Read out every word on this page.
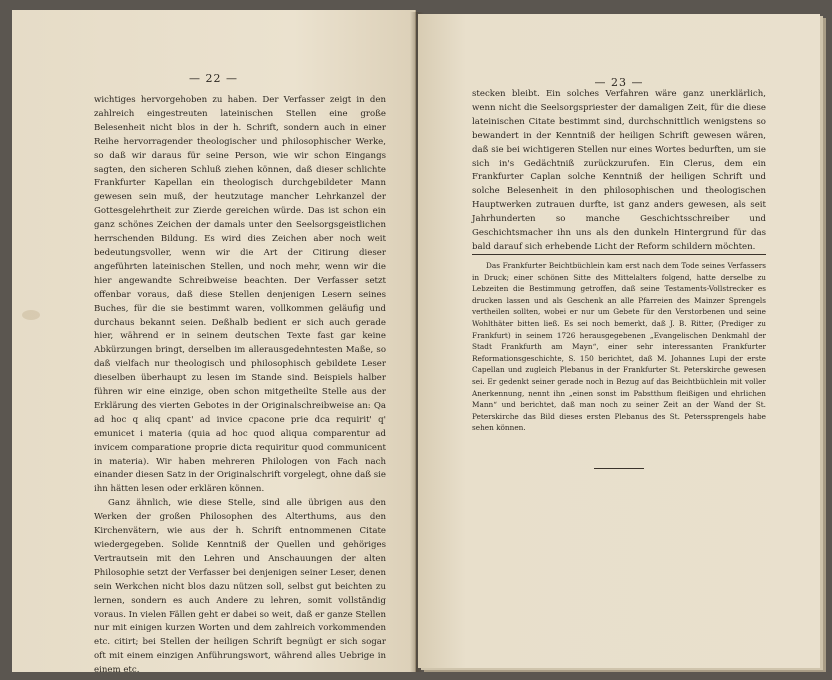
— 22 —

wichtiges hervorgehoben zu haben. Der Verfasser zeigt in den zahlreich eingestreuten lateinischen Stellen eine große Belesenheit nicht blos in der h. Schrift, sondern auch in einer Reihe hervorragender theologischer und philosophischer Werke, so daß wir daraus für seine Person, wie wir schon Eingangs sagten, den sicheren Schluß ziehen können, daß dieser schlichte Frankfurter Kapellan ein theologisch durchgebildeter Mann gewesen sein muß, der heutzutage mancher Lehrkanzel der Gottesgelehrtheit zur Zierde gereichen würde. Das ist schon ein ganz schönes Zeichen der damals unter den Seelsorgsgeistlichen herrschenden Bildung. Es wird dies Zeichen aber noch weit bedeutungsvoller, wenn wir die Art der Citirung dieser angeführten lateinischen Stellen, und noch mehr, wenn wir die hier angewandte Schreibweise beachten. Der Verfasser setzt offenbar voraus, daß diese Stellen denjenigen Lesern seines Buches, für die sie bestimmt waren, vollkommen geläufig und durchaus bekannt seien. Deßhalb bedient er sich auch gerade hier, während er in seinem deutschen Texte fast gar keine Abkürzungen bringt, derselben im allerausgedehntesten Maße, so daß vielfach nur theologisch und philosophisch gebildete Leser dieselben überhaupt zu lesen im Stande sind. Beispiels halber führen wir eine einzige, oben schon mitgetheilte Stelle aus der Erklärung des vierten Gebotes in der Originalschreibweise an: Qa ad hoc q aliq cpant' ad invice cpacone prie dca requirit' q' emunicet i materia (quia ad hoc quod aliqua comparentur ad invicem comparatione proprie dicta requiritur quod communicent in materia). Wir haben mehreren Philologen von Fach nach einander diesen Satz in der Originalschrift vorgelegt, ohne daß sie ihn hätten lesen oder erklären können.

Ganz ähnlich, wie diese Stelle, sind alle übrigen aus den Werken der großen Philosophen des Alterthums, aus den Kirchenvätern, wie aus der h. Schrift entnommenen Citate wiedergegeben. Solide Kenntniß der Quellen und gehöriges Vertrautsein mit den Lehren und Anschauungen der alten Philosophie setzt der Verfasser bei denjenigen seiner Leser, denen sein Werkchen nicht blos dazu nützen soll, selbst gut beichten zu lernen, sondern es auch Andere zu lehren, somit vollständig voraus. In vielen Fällen geht er dabei so weit, daß er ganze Stellen nur mit einigen kurzen Worten und dem zahlreich vorkommenden etc. citirt; bei Stellen der heiligen Schrift begnügt er sich sogar oft mit einem einzigen Anführungswort, während alles Uebrige in einem etc.

— 23 —

stecken bleibt. Ein solches Verfahren wäre ganz unerklärlich, wenn nicht die Seelsorgspriester der damaligen Zeit, für die diese lateinischen Citate bestimmt sind, durchschnittlich wenigstens so bewandert in der Kenntniß der heiligen Schrift gewesen wären, daß sie bei wichtigeren Stellen nur eines Wortes bedurften, um sie sich in's Gedächtniß zurückzurufen. Ein Clerus, dem ein Frankfurter Caplan solche Kenntniß der heiligen Schrift und solche Belesenheit in den philosophischen und theologischen Hauptwerken zutrauen durfte, ist ganz anders gewesen, als seit Jahrhunderten so manche Geschichtsschreiber und Geschichtsmacher ihn uns als den dunkeln Hintergrund für das bald darauf sich erhebende Licht der Reform schildern möchten.

Das Frankfurter Beichtbüchlein kam erst nach dem Tode seines Verfassers in Druck; einer schönen Sitte des Mittelalters folgend, hatte derselbe zu Lebzeiten die Bestimmung getroffen, daß seine Testaments-Vollstrecker es drucken lassen und als Geschenk an alle Pfarreien des Mainzer Sprengels vertheilen sollten, wobei er nur um Gebete für den Verstorbenen und seine Wohlthäter bitten ließ. Es sei noch bemerkt, daß J. B. Ritter, (Prediger zu Frankfurt) in seinem 1726 herausgegebenen „Evangelischen Denkmahl der Stadt Frankfurth am Mayn“, einer sehr interessanten Frankfurter Reformationsgeschichte, S. 150 berichtet, daß M. Johannes Lupi der erste Capellan und zugleich Plebanus in der Frankfurter St. Peterskirche gewesen sei. Er gedenkt seiner gerade noch in Bezug auf das Beichtbüchlein mit voller Anerkennung, nennt ihn „einen sonst im Pabstthum fleißigen und ehrlichen Mann“ und berichtet, daß man noch zu seiner Zeit an der Wand der St. Peterskirche das Bild dieses ersten Plebanus des St. Peterssprengels habe sehen können.
